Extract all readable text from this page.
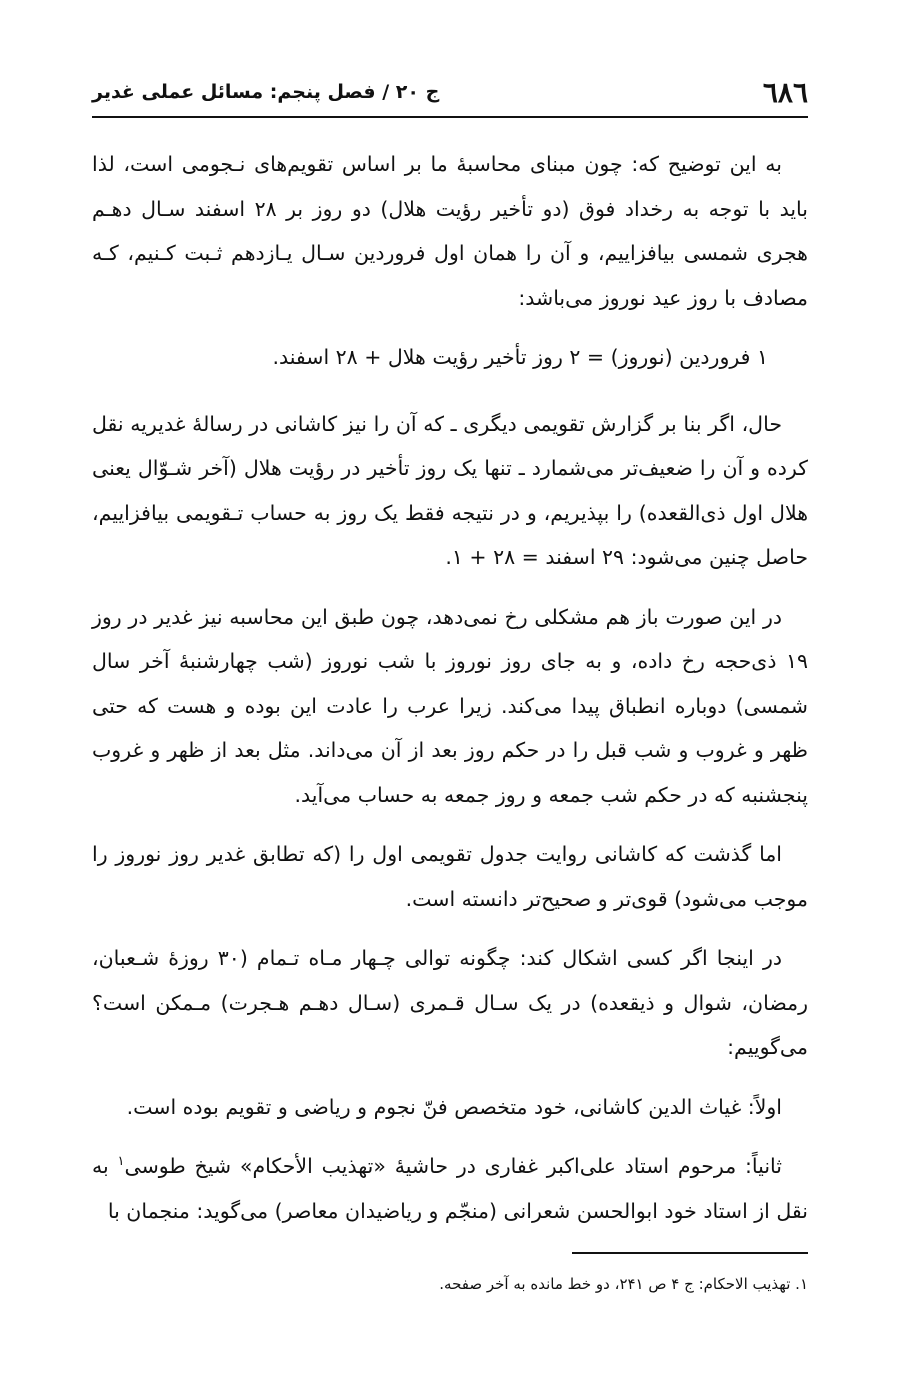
٦٨٦
ج ۲۰ / فصل پنجم: مسائل عملی غدیر

به این توضیح که: چون مبنای محاسبهٔ ما بر اساس تقویم‌های نـجومی است، لذا باید با توجه به رخداد فوق (دو تأخیر رؤیت هلال) دو روز بر ۲۸ اسفند سـال دهـم هجری شمسی بیافزاییم، و آن را همان اول فروردین سـال یـازدهم ثـبت کـنیم، کـه مصادف با روز عید نوروز می‌باشد:

۱ فروردین (نوروز) = ۲ روز تأخیر رؤیت هلال + ۲۸ اسفند.

حال، اگر بنا بر گزارش تقویمی دیگری ـ که آن را نیز کاشانی در رسالهٔ غدیریه نقل کرده و آن را ضعیف‌تر می‌شمارد ـ تنها یک روز تأخیر در رؤیت هلال (آخر شـوّال یعنی هلال اول ذی‌القعده) را بپذیریم، و در نتیجه فقط یک روز به حساب تـقویمی بیافزاییم، حاصل چنین می‌شود: ۲۹ اسفند = ۲۸ + ۱.

در این صورت باز هم مشکلی رخ نمی‌دهد، چون طبق این محاسبه نیز غدیر در روز ۱۹ ذی‌حجه رخ داده، و به جای روز نوروز با شب نوروز (شب چهارشنبهٔ آخر سال شمسی) دوباره انطباق پیدا می‌کند. زیرا عرب را عادت این بوده و هست که حتی ظهر و غروب و شب قبل را در حکم روز بعد از آن می‌داند. مثل بعد از ظهر و غروب پنجشنبه که در حکم شب جمعه و روز جمعه به حساب می‌آید.

اما گذشت که کاشانی روایت جدول تقویمی اول را (که تطابق غدیر روز نوروز را موجب می‌شود) قوی‌تر و صحیح‌تر دانسته است.

در اینجا اگر کسی اشکال کند: چگونه توالی چـهار مـاه تـمام (۳۰ روزهٔ شـعبان، رمضان، شوال و ذیقعده) در یک سـال قـمری (سـال دهـم هـجرت) مـمکن است؟ می‌گوییم:

اولاً: غیاث الدین کاشانی، خود متخصص فنّ نجوم و ریاضی و تقویم بوده است.

ثانیاً: مرحوم استاد علی‌اکبر غفاری در حاشیهٔ «تهذیب الأحکام» شیخ طوسی$^۱$ به نقل از استاد خود ابوالحسن شعرانی (منجّم و ریاضیدان معاصر) می‌گوید: منجمان با

۱. تهذیب الاحکام: ج ۴ ص ۲۴۱، دو خط مانده به آخر صفحه.
